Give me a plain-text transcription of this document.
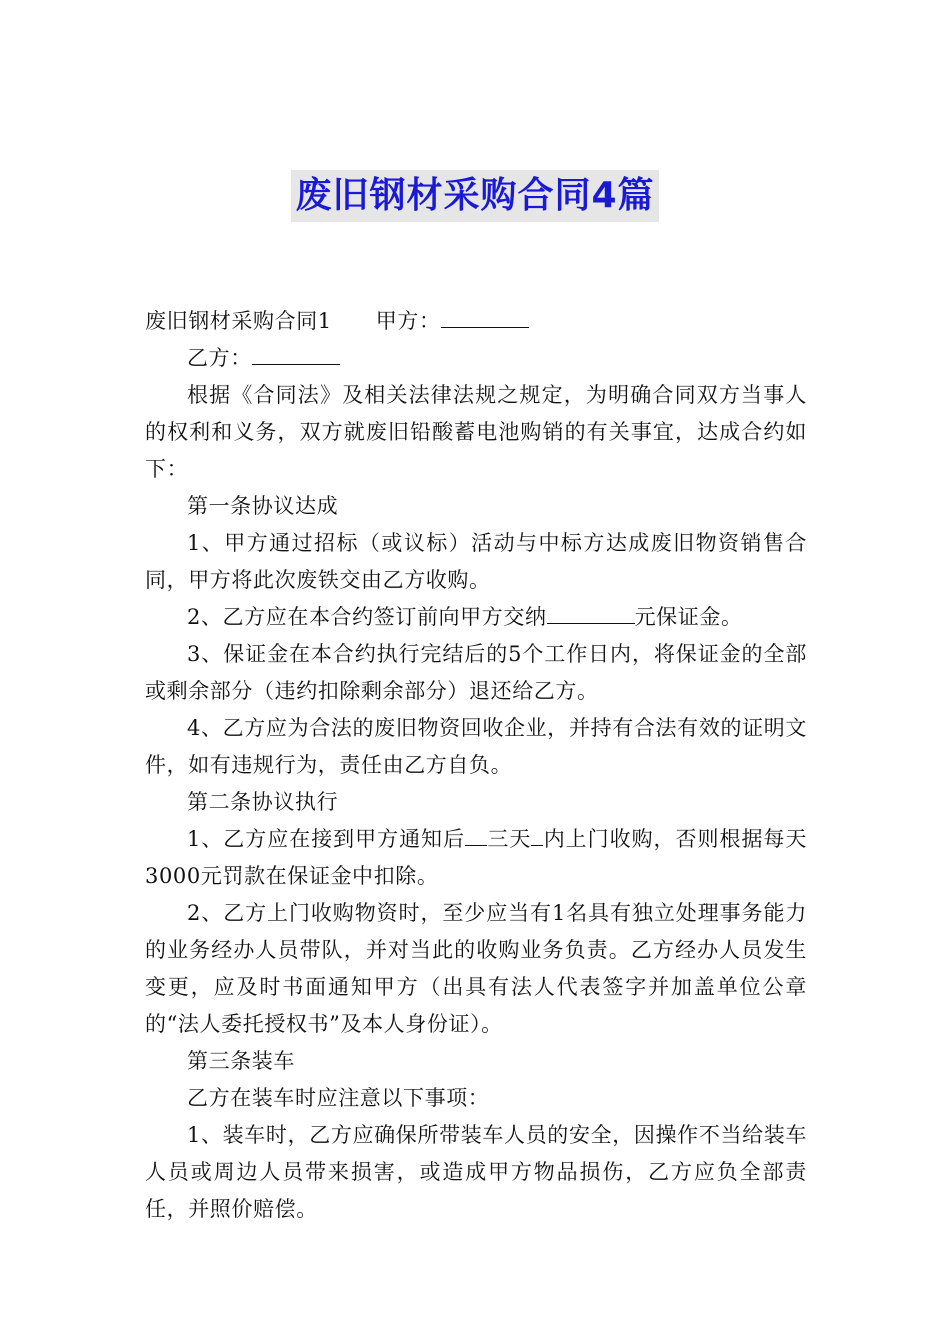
废旧钢材采购合同4篇

废旧钢材采购合同1 甲方：

乙方：

根据《合同法》及相关法律法规之规定，为明确合同双方当事人的权利和义务，双方就废旧铅酸蓄电池购销的有关事宜，达成合约如下：

第一条协议达成

1、甲方通过招标（或议标）活动与中标方达成废旧物资销售合同，甲方将此次废铁交由乙方收购。

2、乙方应在本合约签订前向甲方交纳	元保证金。

3、保证金在本合约执行完结后的5个工作日内，将保证金的全部或剩余部分（违约扣除剩余部分）退还给乙方。

4、乙方应为合法的废旧物资回收企业，并持有合法有效的证明文件，如有违规行为，责任由乙方自负。

第二条协议执行

1、乙方应在接到甲方通知后 三天 内上门收购，否则根据每天3000元罚款在保证金中扣除。

2、乙方上门收购物资时，至少应当有1名具有独立处理事务能力的业务经办人员带队，并对当此的收购业务负责。乙方经办人员发生变更，应及时书面通知甲方（出具有法人代表签字并加盖单位公章的“法人委托授权书”及本人身份证）。

第三条装车

乙方在装车时应注意以下事项：

1、装车时，乙方应确保所带装车人员的安全，因操作不当给装车人员或周边人员带来损害，或造成甲方物品损伤，乙方应负全部责任，并照价赔偿。
